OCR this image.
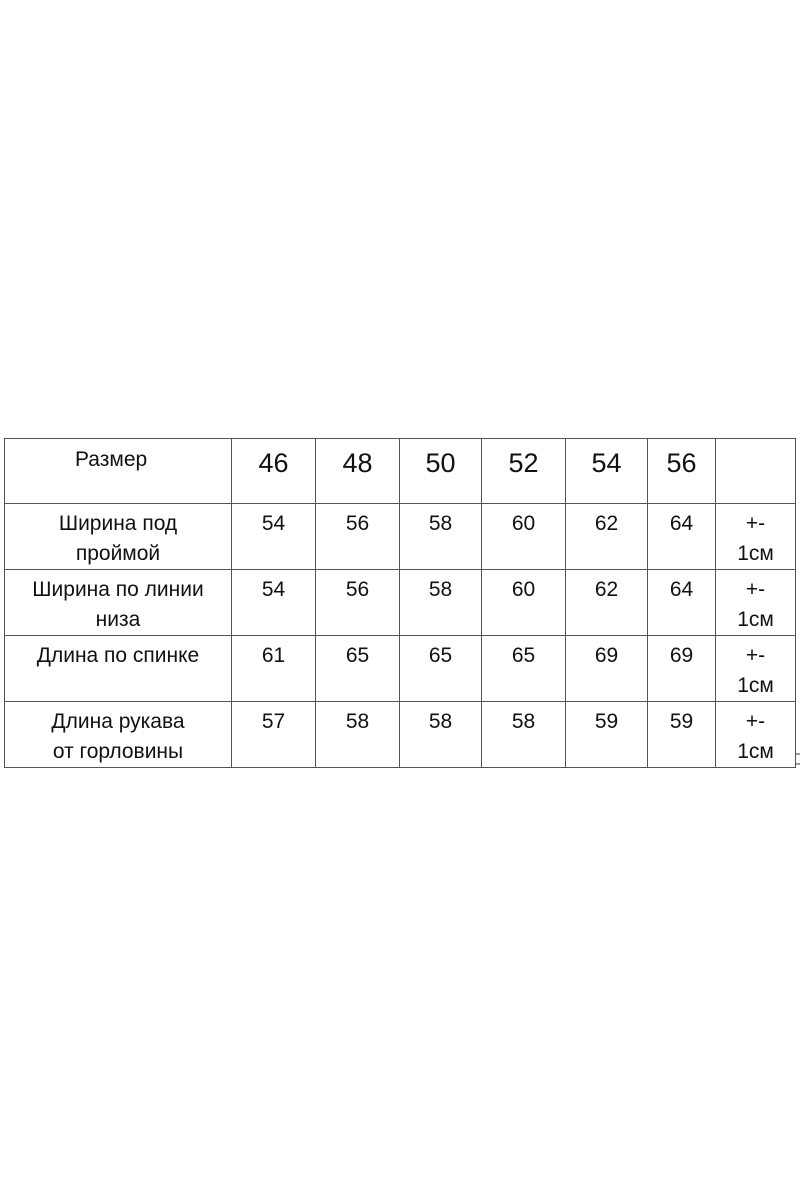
Размер	46	48	50	52	54	56	

Ширина под
проймой	54	56	58	60	62	64	+-
1см

Ширина по линии
низа	54	56	58	60	62	64	+-
1см

Длина по спинке	61	65	65	65	69	69	+-
1см

Длина рукава
от горловины	57	58	58	58	59	59	+-
1см
